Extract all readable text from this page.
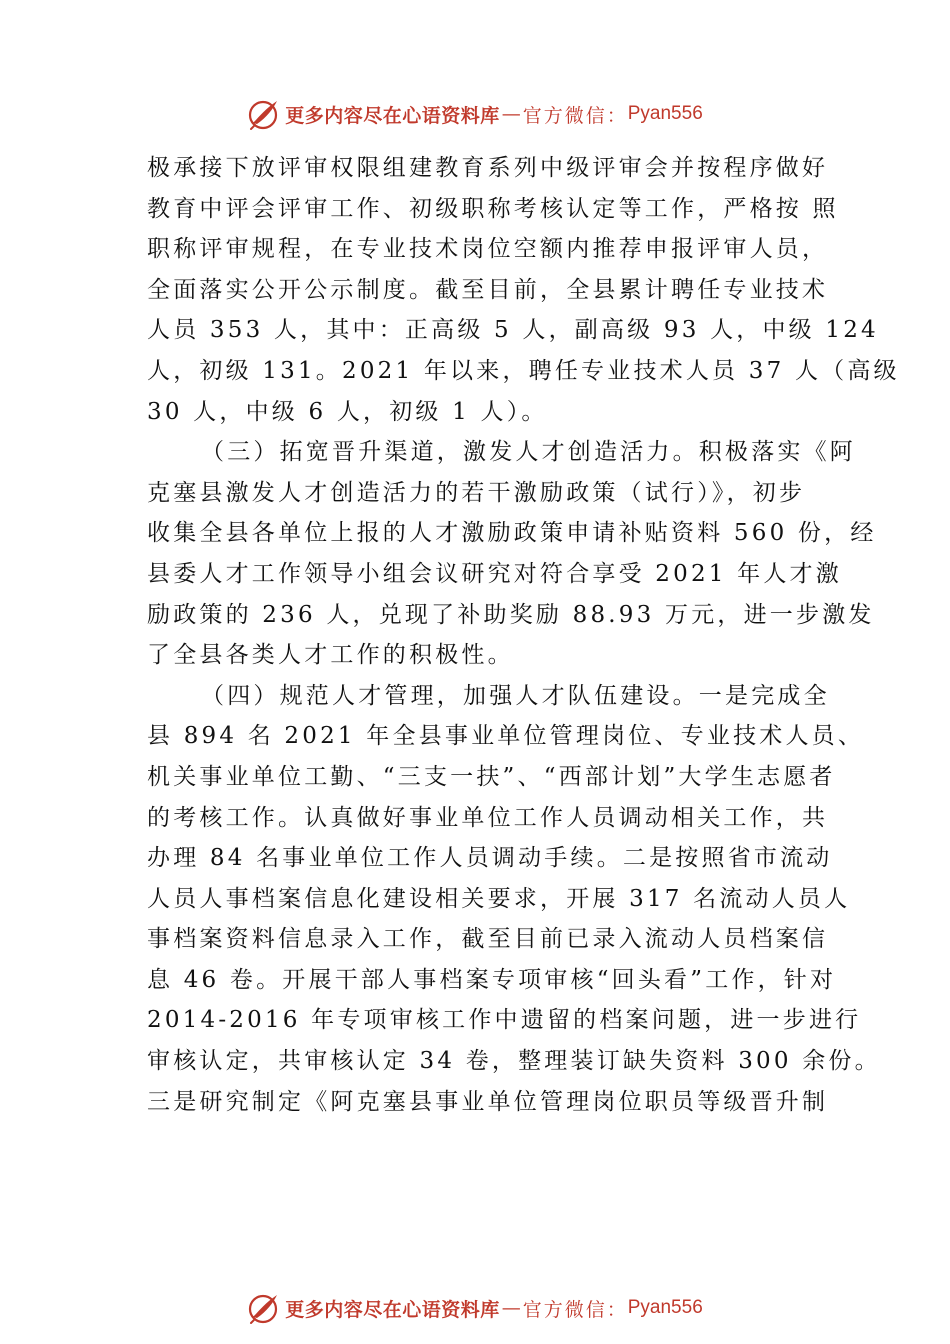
更多内容尽在心语资料库 — 官方微信： Pyan556
极承接下放评审权限组建教育系列中级评审会并按程序做好
教育中评会评审工作、初级职称考核认定等工作，严格按 照
职称评审规程，在专业技术岗位空额内推荐申报评审人员，
全面落实公开公示制度。截至目前，全县累计聘任专业技术
人员 353 人，其中：正高级 5 人，副高级 93 人，中级 124
人，初级 131。2021 年以来，聘任专业技术人员 37 人（高级
30 人，中级 6 人，初级 1 人）。
（三）拓宽晋升渠道，激发人才创造活力。积极落实《阿
克塞县激发人才创造活力的若干激励政策（试行）》，初步
收集全县各单位上报的人才激励政策申请补贴资料 560 份，经
县委人才工作领导小组会议研究对符合享受 2021 年人才激
励政策的 236 人，兑现了补助奖励 88.93 万元，进一步激发
了全县各类人才工作的积极性。
（四）规范人才管理，加强人才队伍建设。一是完成全
县 894 名 2021 年全县事业单位管理岗位、专业技术人员、
机关事业单位工勤、“三支一扶”、“西部计划”大学生志愿者
的考核工作。认真做好事业单位工作人员调动相关工作，共
办理 84 名事业单位工作人员调动手续。二是按照省市流动
人员人事档案信息化建设相关要求，开展 317 名流动人员人
事档案资料信息录入工作，截至目前已录入流动人员档案信
息 46 卷。开展干部人事档案专项审核“回头看”工作，针对
2014-2016 年专项审核工作中遗留的档案问题，进一步进行
审核认定，共审核认定 34 卷，整理装订缺失资料 300 余份。
三是研究制定《阿克塞县事业单位管理岗位职员等级晋升制
更多内容尽在心语资料库 — 官方微信： Pyan556
